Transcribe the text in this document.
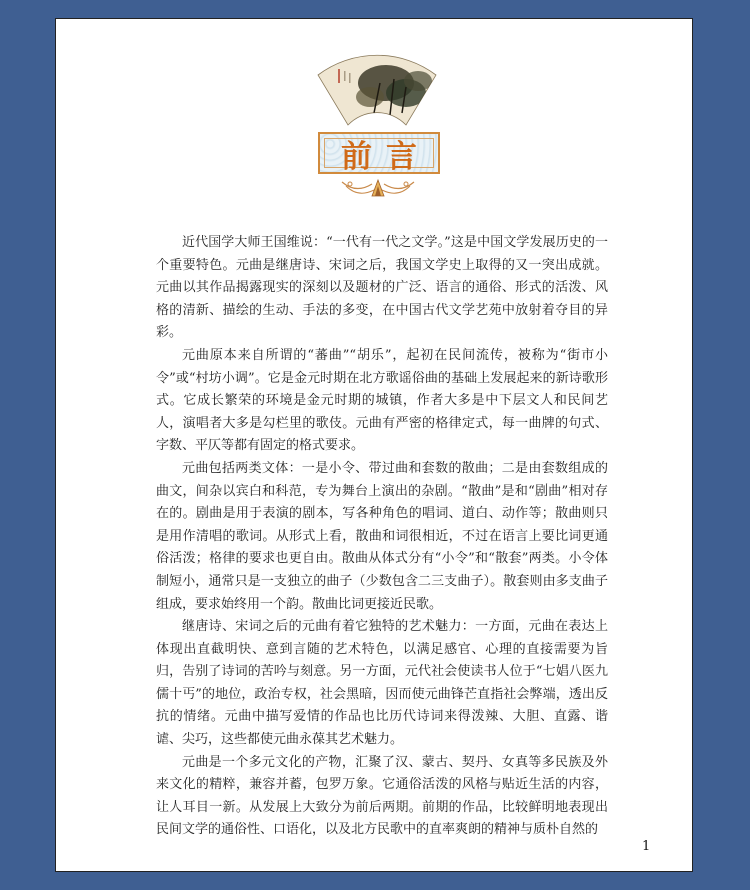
前言

近代国学大师王国维说：“一代有一代之文学。”这是中国文学发展历史的一个重要特色。元曲是继唐诗、宋词之后，我国文学史上取得的又一突出成就。元曲以其作品揭露现实的深刻以及题材的广泛、语言的通俗、形式的活泼、风格的清新、描绘的生动、手法的多变，在中国古代文学艺苑中放射着夺目的异彩。

元曲原本来自所谓的“蕃曲”“胡乐”，起初在民间流传，被称为“街市小令”或“村坊小调”。它是金元时期在北方歌谣俗曲的基础上发展起来的新诗歌形式。它成长繁荣的环境是金元时期的城镇，作者大多是中下层文人和民间艺人，演唱者大多是勾栏里的歌伎。元曲有严密的格律定式，每一曲牌的句式、字数、平仄等都有固定的格式要求。

元曲包括两类文体：一是小令、带过曲和套数的散曲；二是由套数组成的曲文，间杂以宾白和科范，专为舞台上演出的杂剧。“散曲”是和“剧曲”相对存在的。剧曲是用于表演的剧本，写各种角色的唱词、道白、动作等；散曲则只是用作清唱的歌词。从形式上看，散曲和词很相近，不过在语言上要比词更通俗活泼；格律的要求也更自由。散曲从体式分有“小令”和“散套”两类。小令体制短小，通常只是一支独立的曲子（少数包含二三支曲子）。散套则由多支曲子组成，要求始终用一个韵。散曲比词更接近民歌。

继唐诗、宋词之后的元曲有着它独特的艺术魅力：一方面，元曲在表达上体现出直截明快、意到言随的艺术特色，以满足感官、心理的直接需要为旨归，告别了诗词的苦吟与刻意。另一方面，元代社会使读书人位于“七娼八医九儒十丐”的地位，政治专权，社会黑暗，因而使元曲锋芒直指社会弊端，透出反抗的情绪。元曲中描写爱情的作品也比历代诗词来得泼辣、大胆、直露、谐谑、尖巧，这些都使元曲永葆其艺术魅力。

元曲是一个多元文化的产物，汇聚了汉、蒙古、契丹、女真等多民族及外来文化的精粹，兼容并蓄，包罗万象。它通俗活泼的风格与贴近生活的内容，让人耳目一新。从发展上大致分为前后两期。前期的作品，比较鲜明地表现出民间文学的通俗性、口语化，以及北方民歌中的直率爽朗的精神与质朴自然的

1
